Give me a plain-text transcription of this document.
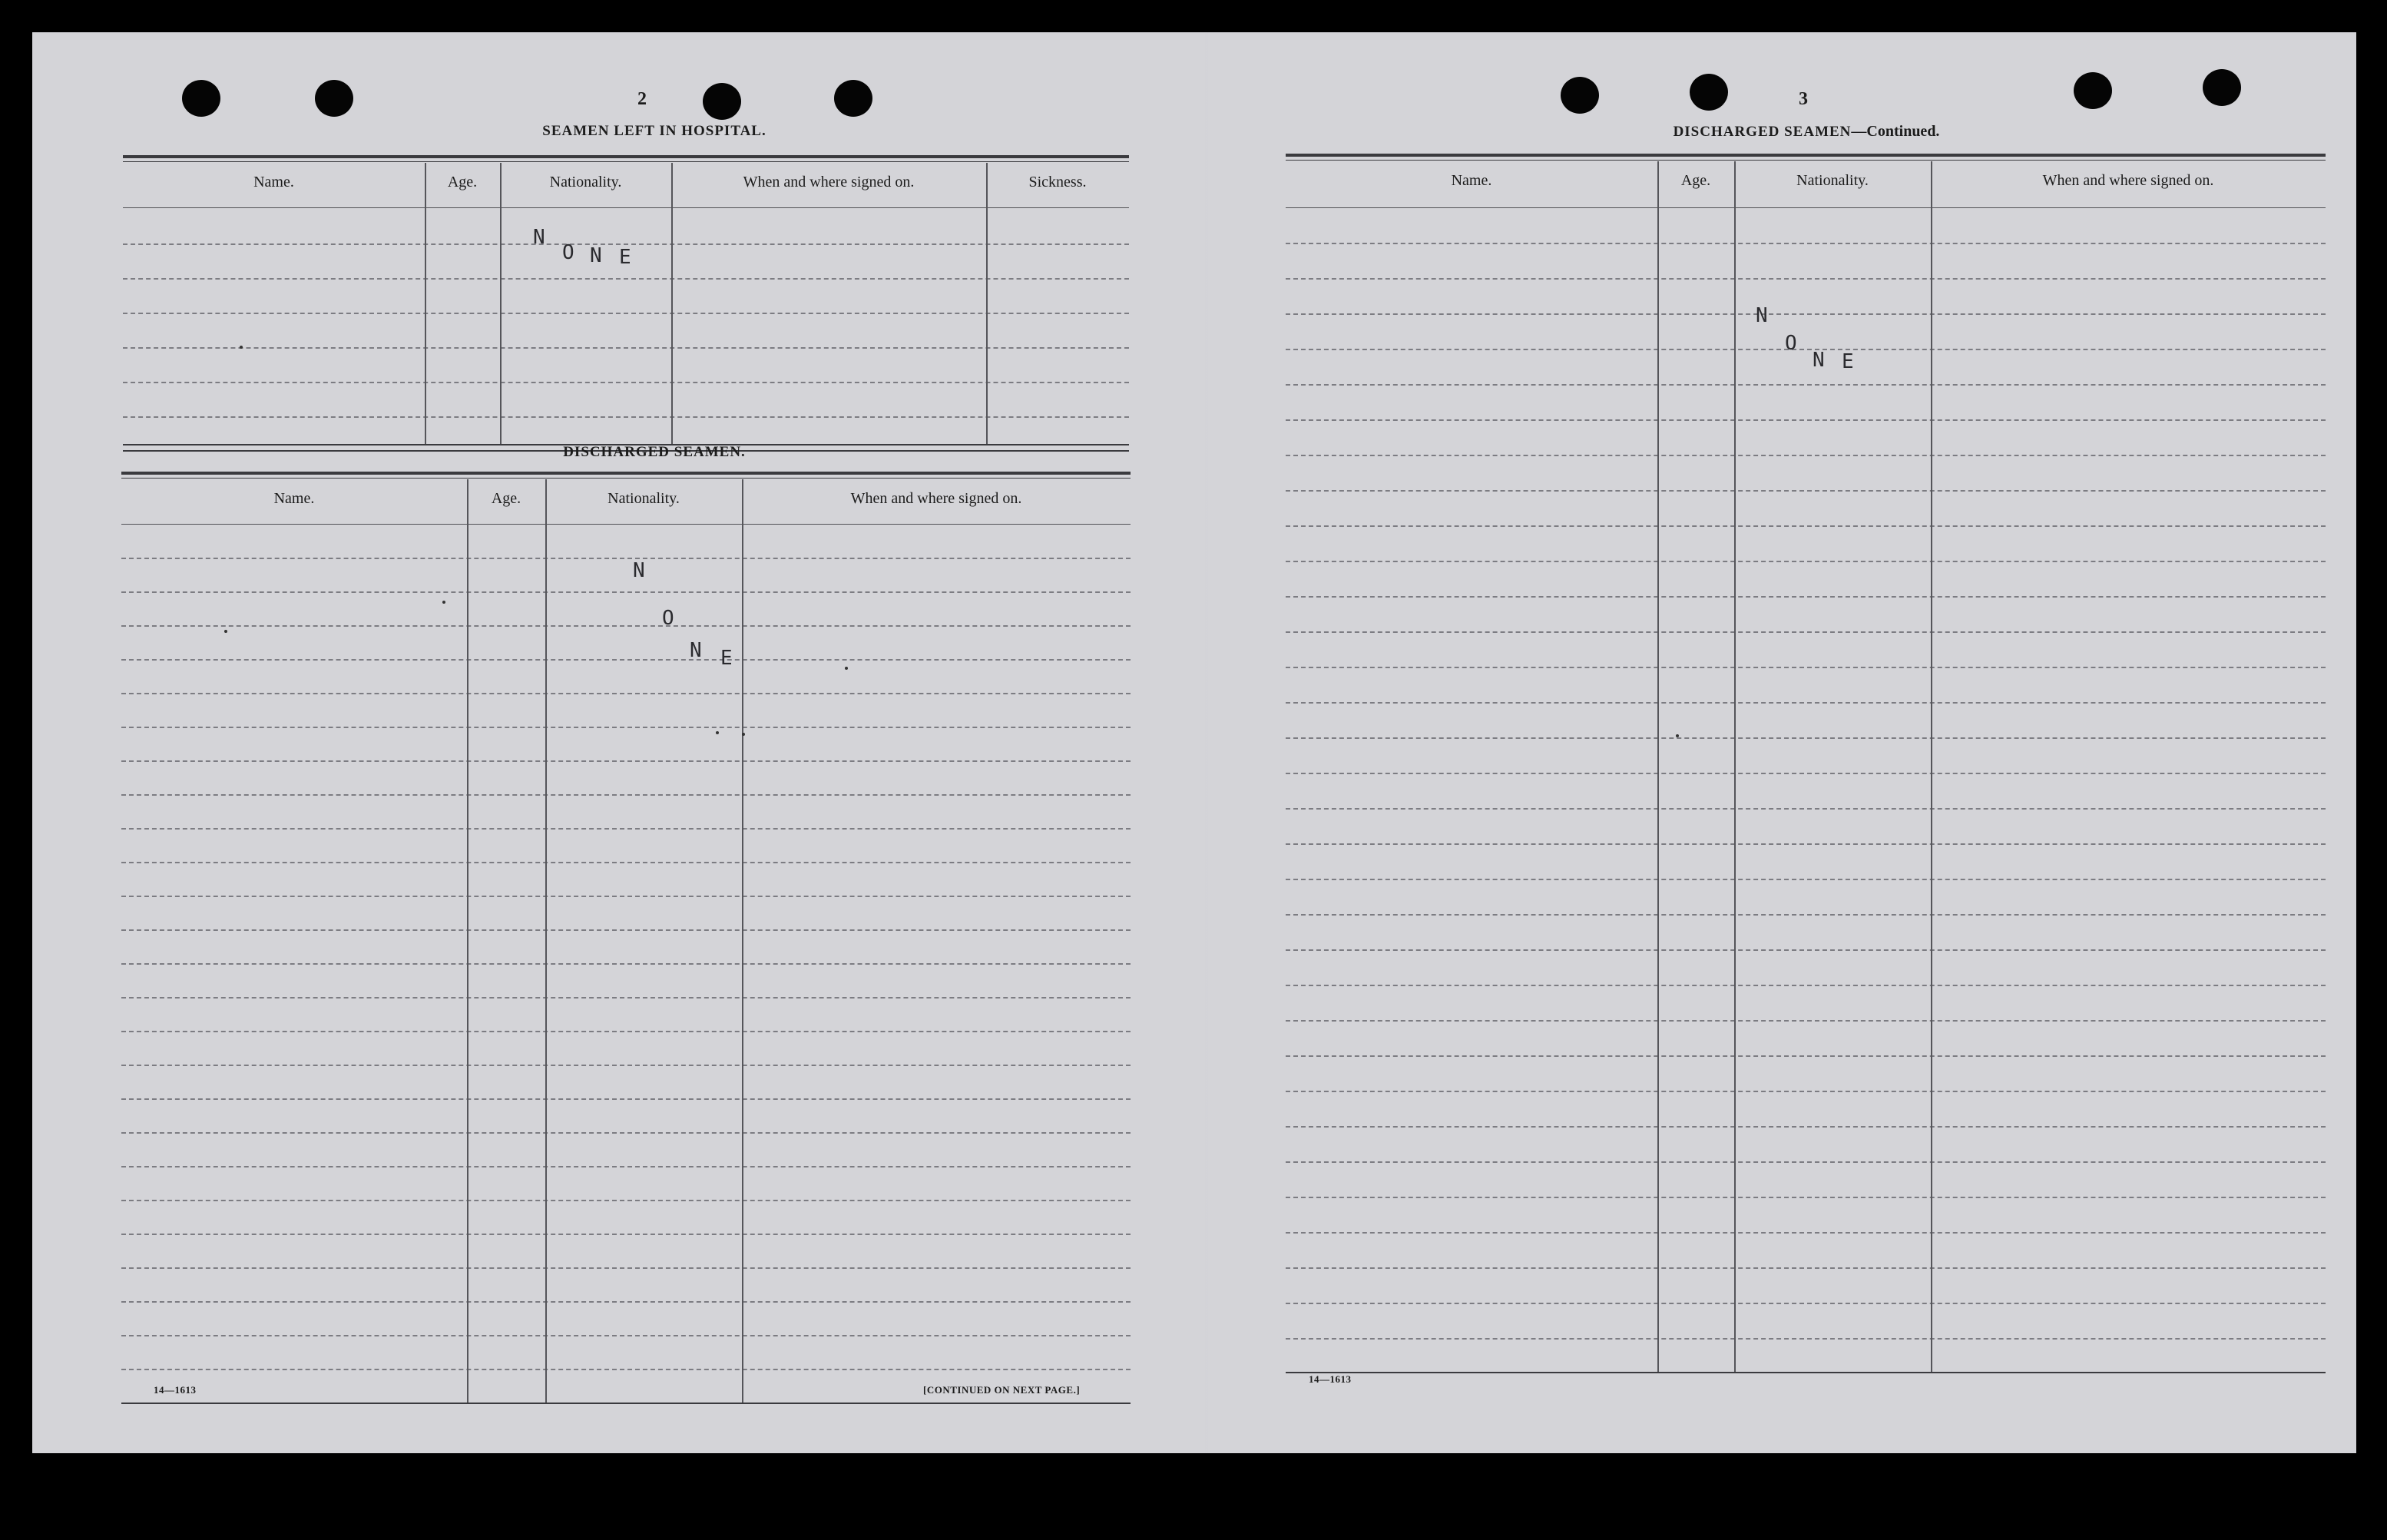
2
SEAMEN LEFT IN HOSPITAL.
Name.	Age.	Nationality.	When and where signed on.	Sickness.
N
O N E
DISCHARGED SEAMEN.
Name.	Age.	Nationality.	When and where signed on.
N
O
N E
14—1613	[CONTINUED ON NEXT PAGE.]
3
DISCHARGED SEAMEN—Continued.
Name.	Age.	Nationality.	When and where signed on.
N
O
N E
14—1613
